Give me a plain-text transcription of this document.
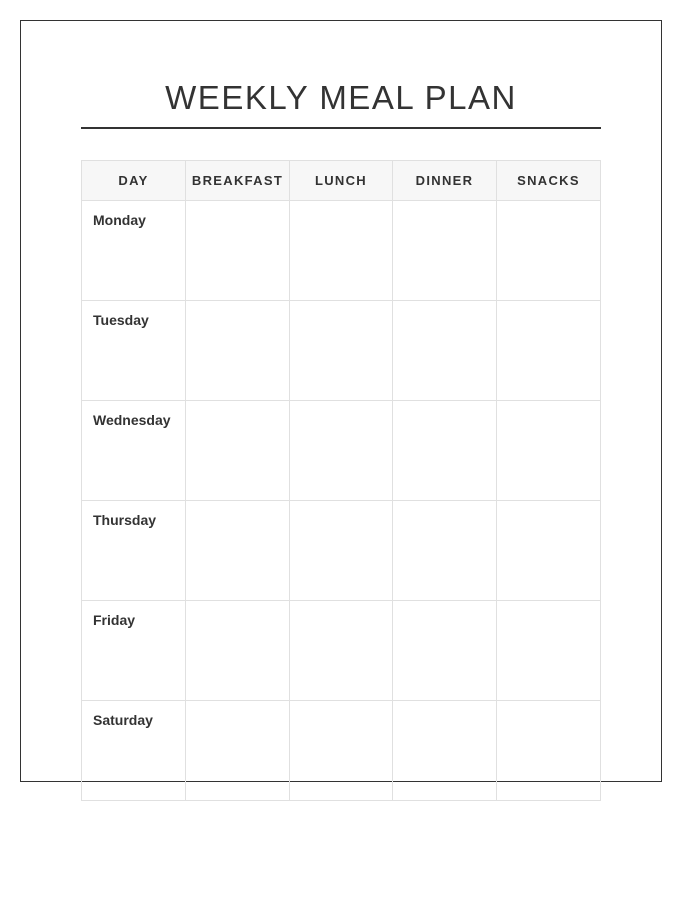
WEEKLY MEAL PLAN
DAY	BREAKFAST	LUNCH	DINNER	SNACKS
Monday				
Tuesday				
Wednesday				
Thursday				
Friday				
Saturday				
